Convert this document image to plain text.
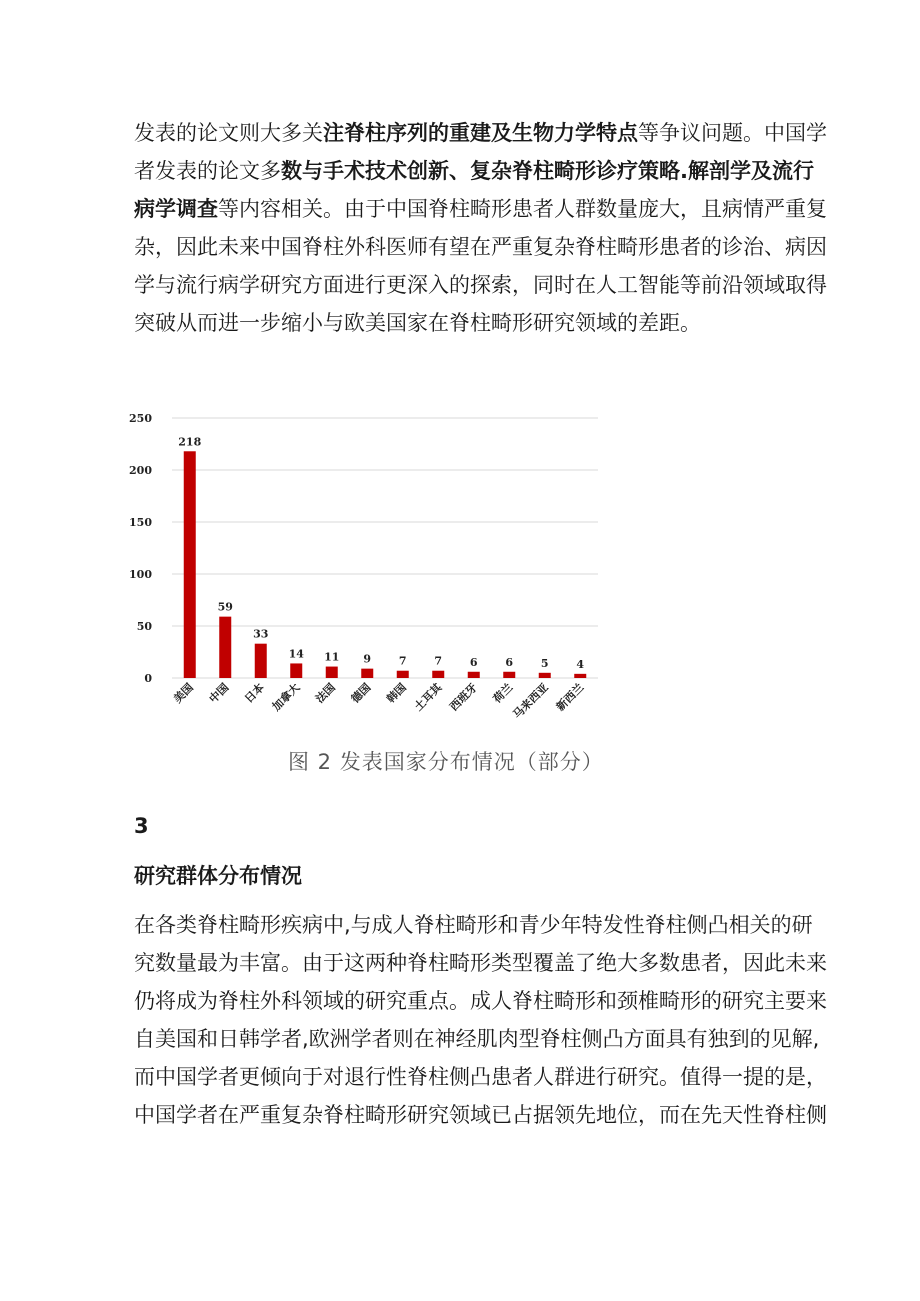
发表的论文则大多关注脊柱序列的重建及生物力学特点等争议问题。中国学
者发表的论文多数与手术技术创新、复杂脊柱畸形诊疗策略.解剖学及流行
病学调查等内容相关。由于中国脊柱畸形患者人群数量庞大，且病情严重复
杂，因此未来中国脊柱外科医师有望在严重复杂脊柱畸形患者的诊治、病因
学与流行病学研究方面进行更深入的探索，同时在人工智能等前沿领域取得
突破从而进一步缩小与欧美国家在脊柱畸形研究领域的差距。
0
50
100
150
200
250
218
59
33
14 11 9	7	7	6	6	5	4
美国 中国 日本 加拿大 法国 德国 韩国 土耳其 西班牙 荷兰
马来西亚 新西兰
图 2 发表国家分布情况（部分）
3
研究群体分布情况
在各类脊柱畸形疾病中,与成人脊柱畸形和青少年特发性脊柱侧凸相关的研
究数量最为丰富。由于这两种脊柱畸形类型覆盖了绝大多数患者，因此未来
仍将成为脊柱外科领域的研究重点。成人脊柱畸形和颈椎畸形的研究主要来
自美国和日韩学者,欧洲学者则在神经肌肉型脊柱侧凸方面具有独到的见解,
而中国学者更倾向于对退行性脊柱侧凸患者人群进行研究。值得一提的是，
中国学者在严重复杂脊柱畸形研究领域已占据领先地位，而在先天性脊柱侧
